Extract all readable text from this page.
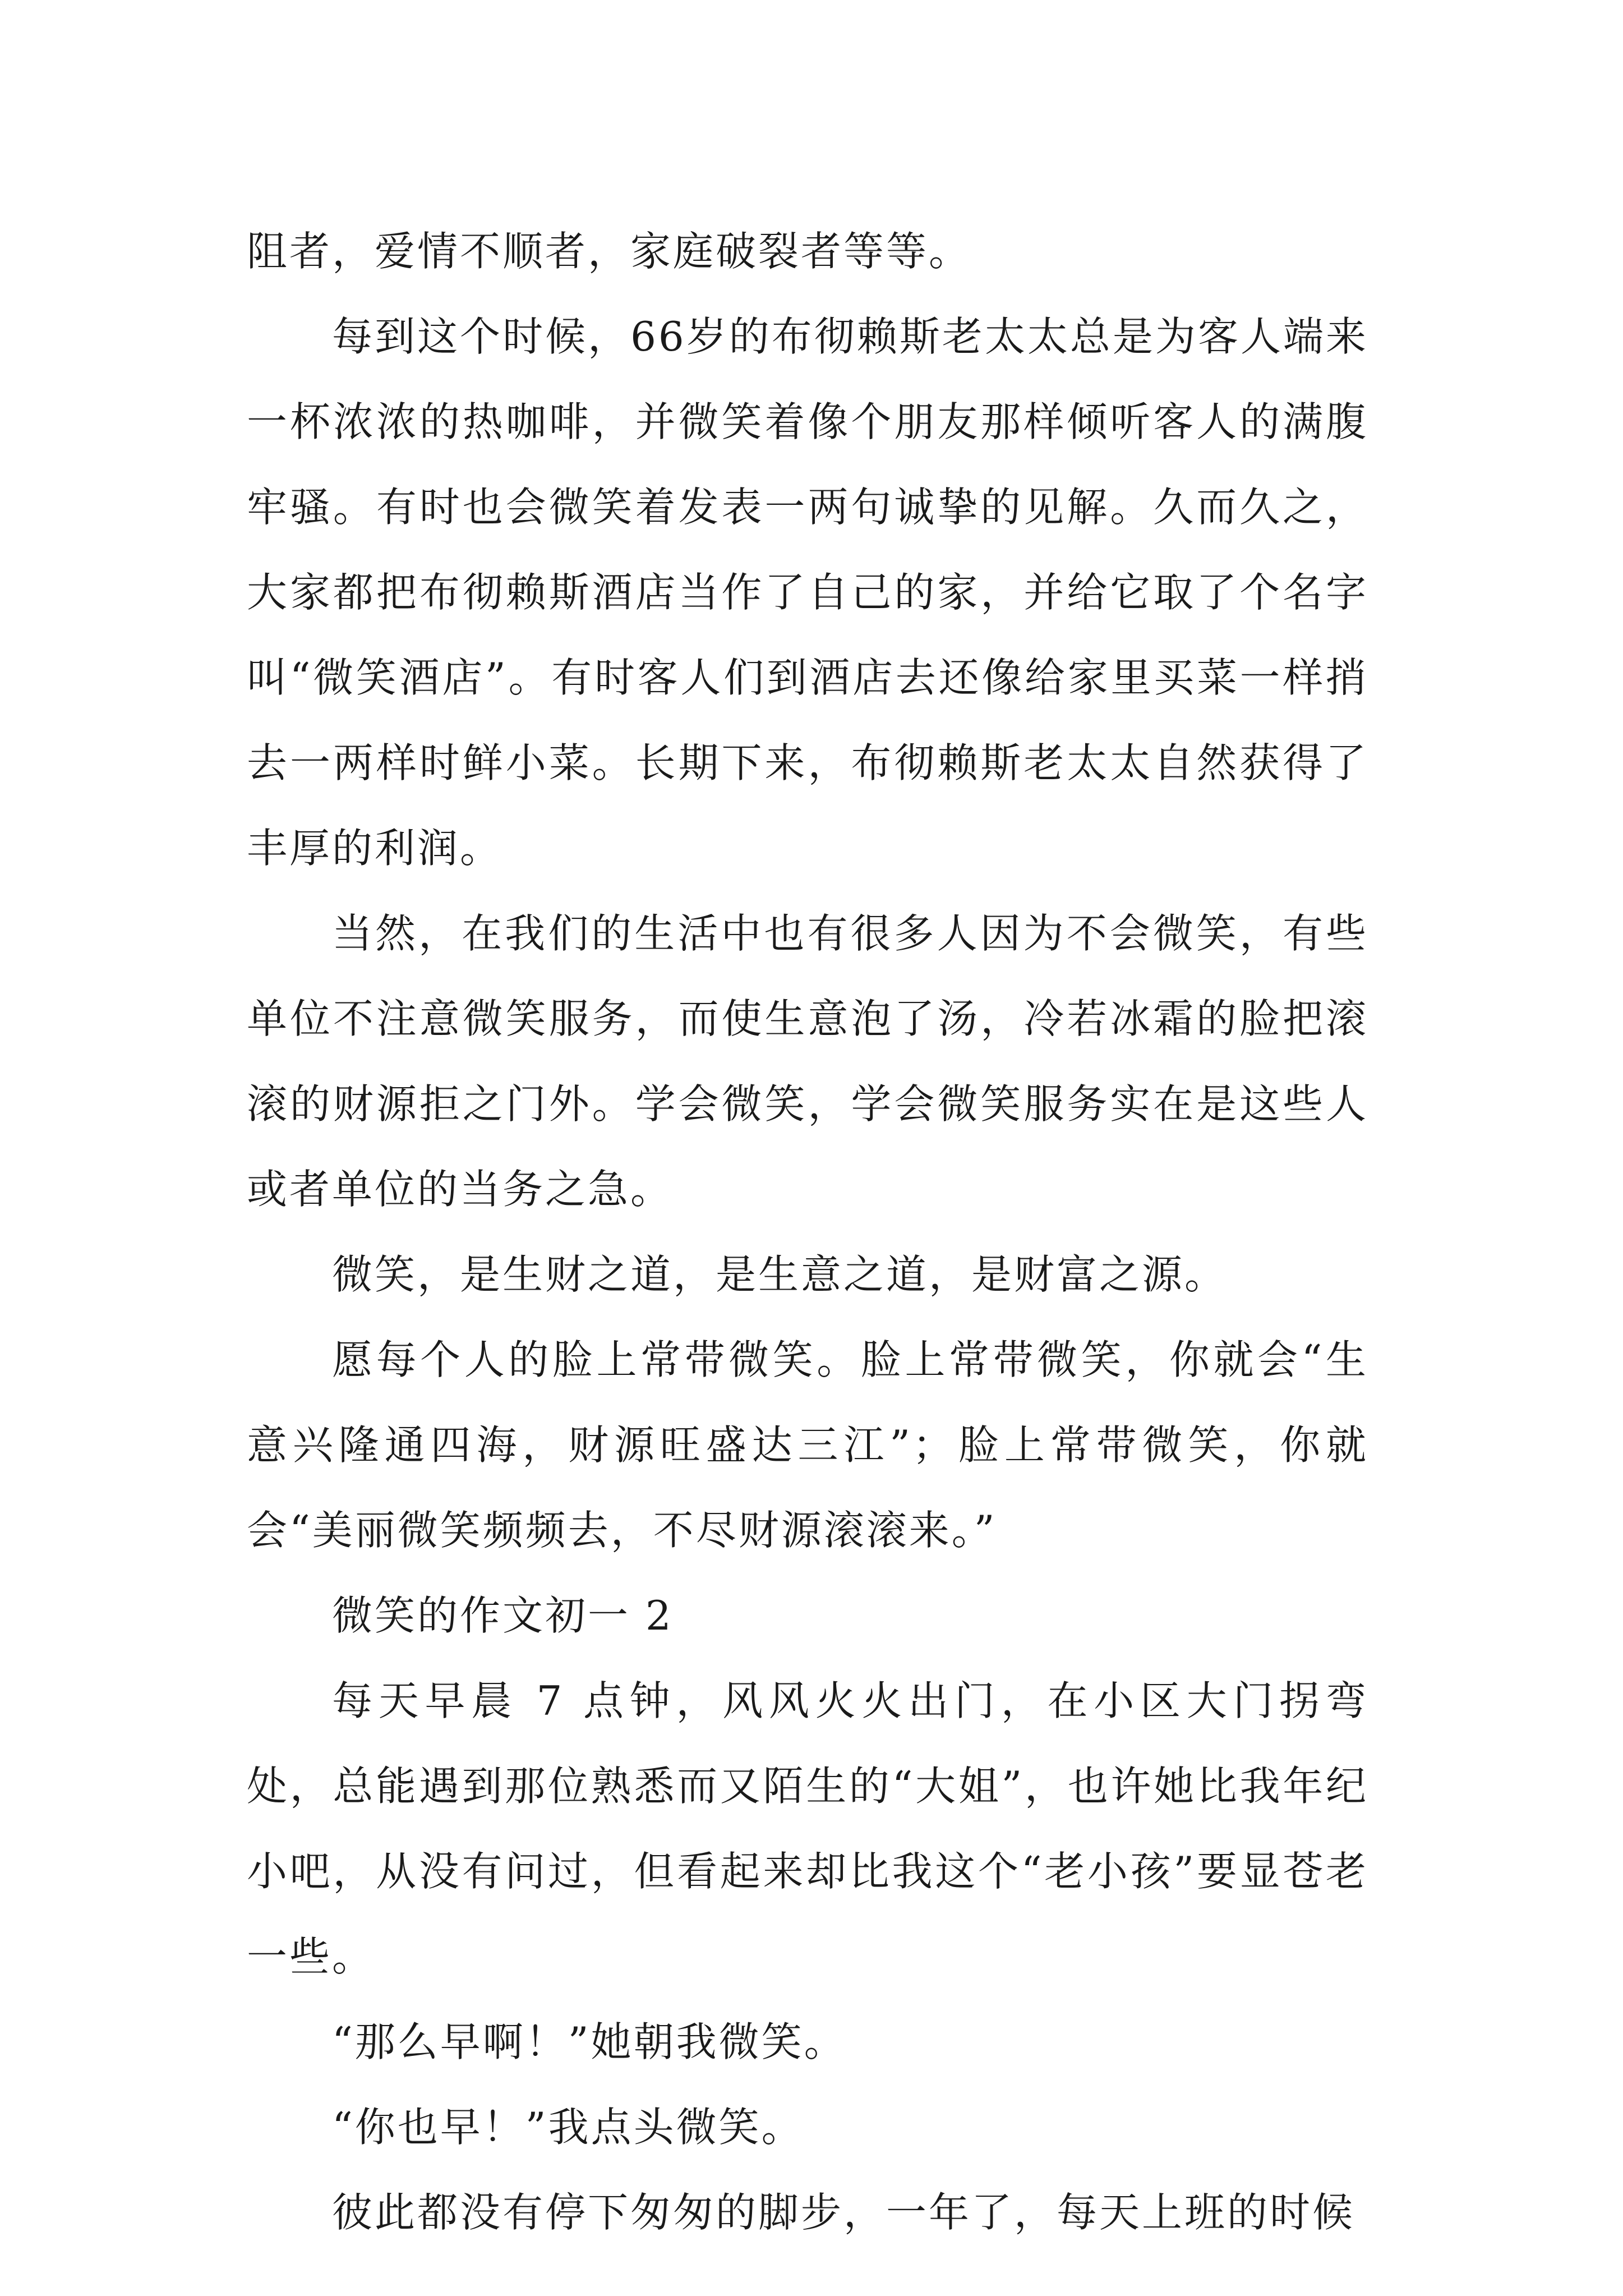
阻者，爱情不顺者，家庭破裂者等等。

每到这个时候，66岁的布彻赖斯老太太总是为客人端来一杯浓浓的热咖啡，并微笑着像个朋友那样倾听客人的满腹牢骚。有时也会微笑着发表一两句诚挚的见解。久而久之，大家都把布彻赖斯酒店当作了自己的家，并给它取了个名字叫“微笑酒店”。有时客人们到酒店去还像给家里买菜一样捎去一两样时鲜小菜。长期下来，布彻赖斯老太太自然获得了丰厚的利润。

当然，在我们的生活中也有很多人因为不会微笑，有些单位不注意微笑服务，而使生意泡了汤，冷若冰霜的脸把滚滚的财源拒之门外。学会微笑，学会微笑服务实在是这些人或者单位的当务之急。

微笑，是生财之道，是生意之道，是财富之源。

愿每个人的脸上常带微笑。脸上常带微笑，你就会“生意兴隆通四海，财源旺盛达三江”；脸上常带微笑，你就会“美丽微笑频频去，不尽财源滚滚来。”

微笑的作文初一 2

每天早晨 7 点钟，风风火火出门，在小区大门拐弯处，总能遇到那位熟悉而又陌生的“大姐”，也许她比我年纪小吧，从没有问过，但看起来却比我这个“老小孩”要显苍老一些。

“那么早啊！”她朝我微笑。

“你也早！”我点头微笑。

彼此都没有停下匆匆的脚步，一年了，每天上班的时候
